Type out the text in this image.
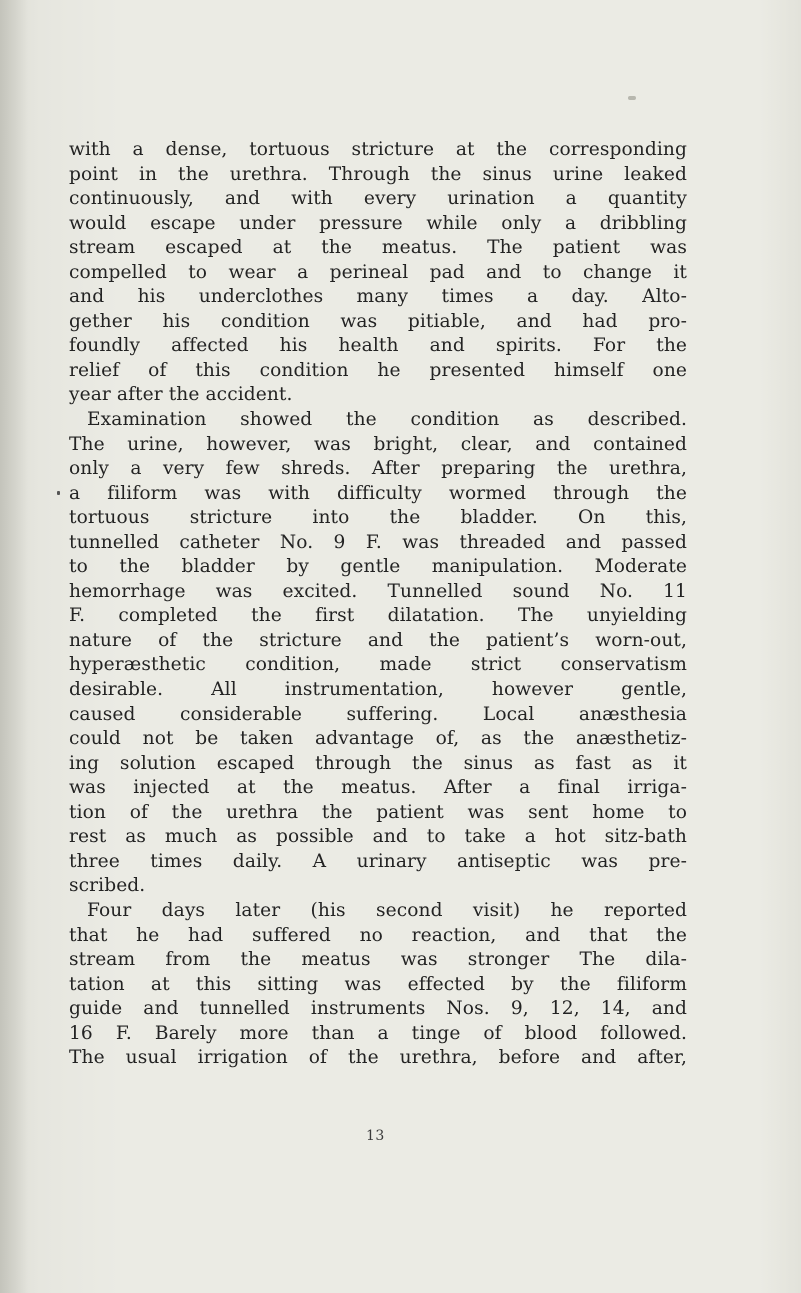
with a dense, tortuous stricture at the corresponding
point in the urethra. Through the sinus urine leaked
continuously, and with every urination a quantity
would escape under pressure while only a dribbling
stream escaped at the meatus. The patient was
compelled to wear a perineal pad and to change it
and his underclothes many times a day. Alto-
gether his condition was pitiable, and had pro-
foundly affected his health and spirits. For the
relief of this condition he presented himself one
year after the accident.
Examination showed the condition as described.
The urine, however, was bright, clear, and contained
only a very few shreds. After preparing the urethra,
a filiform was with difficulty wormed through the
tortuous stricture into the bladder. On this,
tunnelled catheter No. 9 F. was threaded and passed
to the bladder by gentle manipulation. Moderate
hemorrhage was excited. Tunnelled sound No. 11
F. completed the first dilatation. The unyielding
nature of the stricture and the patient’s worn-out,
hyperæsthetic condition, made strict conservatism
desirable. All instrumentation, however gentle,
caused considerable suffering. Local anæsthesia
could not be taken advantage of, as the anæsthetiz-
ing solution escaped through the sinus as fast as it
was injected at the meatus. After a final irriga-
tion of the urethra the patient was sent home to
rest as much as possible and to take a hot sitz-bath
three times daily. A urinary antiseptic was pre-
scribed.
Four days later (his second visit) he reported
that he had suffered no reaction, and that the
stream from the meatus was stronger The dila-
tation at this sitting was effected by the filiform
guide and tunnelled instruments Nos. 9, 12, 14, and
16 F. Barely more than a tinge of blood followed.
The usual irrigation of the urethra, before and after,
13
